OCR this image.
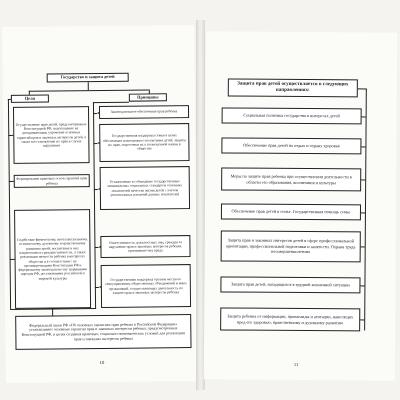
Государство и защита детей
Цели	Принципы
Осуществление прав детей, предусмотренных Конституцией РФ, недопущение их дискриминации, упрочение основных гарантий прав и законных интересов детей, а также восстановление их прав в случае нарушения
Формирование правовых основ гарантий прав ребенка
Содействие физическому, интеллектуальному, психическому, духовному и нравственному развитию детей, воспитание в них патриотизма и гражданственности, а также реализации личности ребенка в интересах общества и в соответствии с не противоречащими Конституции РФ и федеральному законодательству традициями народов РФ, достижениями российской и мировой культуры
Законодательное обеспечение прав ребенка
Государственная поддержка семьи в целях обеспечения полноценного воспитания детей, защиты их прав, подготовки их к полноценной жизни в обществе
Установление и соблюдение государственных минимальных социальных стандартов основных показателей качества жизни детей с учетом региональных различий данных показателей
Ответственность должностных лиц, граждан за нарушение прав и законных интересов ребенка, причинение ему вреда
Государственная поддержка органов местного самоуправления, общественных объединений и иных организаций, осуществляющих деятельность по защите прав и законных интересов ребенка
Федеральный закон РФ «Об основных гарантиях прав ребенка в Российской Федерации» устанавливает основные гарантии прав и законных интересов ребенка, предусмотренных Конституцией РФ, в целях создания правовых, социально-экономических условий для реализации прав и законных интересов ребенка
10
Защита прав детей осуществляется в следующих направлениях:
Социальная политика государства в интересах детей
Обеспечение прав детей на отдых и охрану здоровья
Меры по защите прав ребенка при осуществлении деятельности в области его образования, воспитания и культуры
Обеспечение прав детей в семье. Государственная помощь семье
Защита прав и законных интересов детей в сфере профессиональной ориентации, профессиональной подготовки и занятости. Охрана труда несовершеннолетних
Защита прав детей, находящихся в трудной жизненной ситуации
Защита ребенка от информации, пропаганды и агитации, наносящих вред его здоровью, нравственному и духовному развитию
11
